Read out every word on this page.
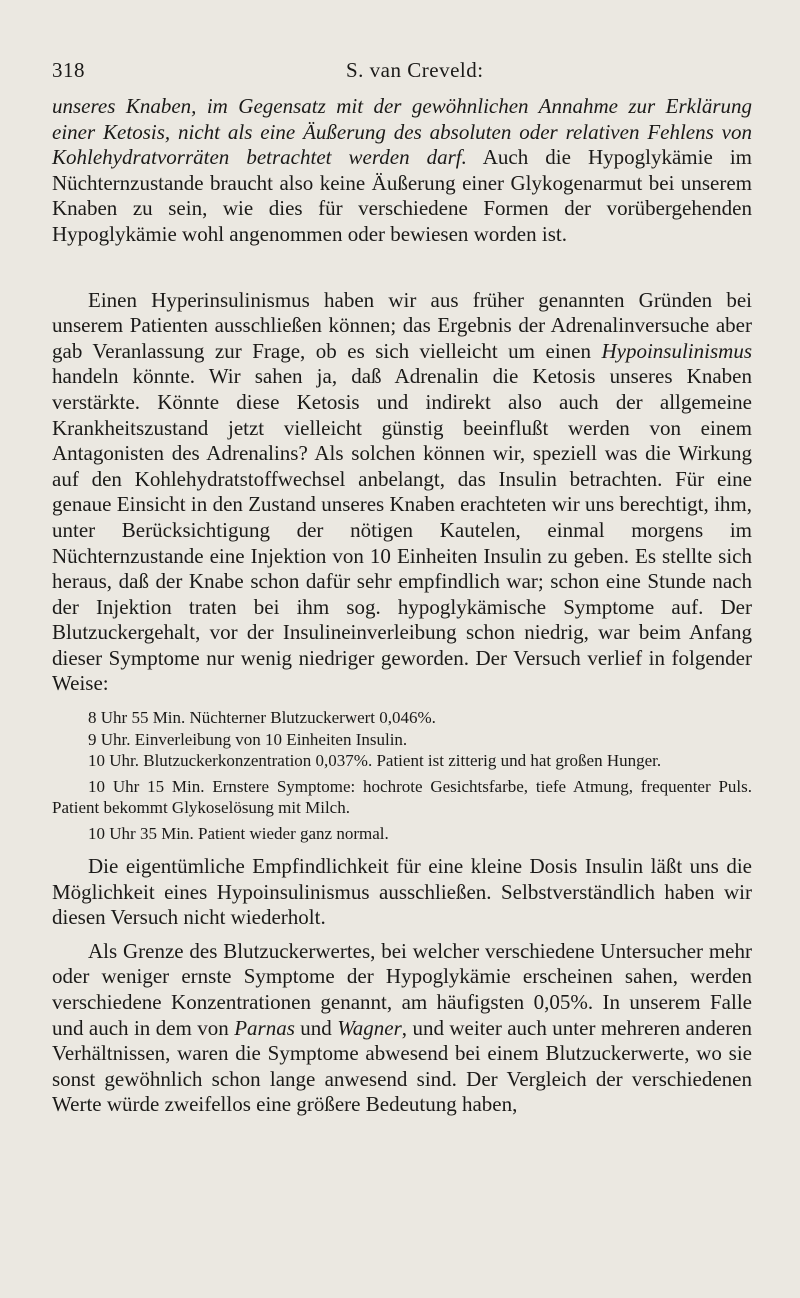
318	S. van Creveld:

unseres Knaben, im Gegensatz mit der gewöhnlichen Annahme zur Erklärung einer Ketosis, nicht als eine Äußerung des absoluten oder relativen Fehlens von Kohlehydratvorräten betrachtet werden darf. Auch die Hypoglykämie im Nüchternzustande braucht also keine Äußerung einer Glykogenarmut bei unserem Knaben zu sein, wie dies für verschiedene Formen der vorübergehenden Hypoglykämie wohl angenommen oder bewiesen worden ist.

Einen Hyperinsulinismus haben wir aus früher genannten Gründen bei unserem Patienten ausschließen können; das Ergebnis der Adrenalinversuche aber gab Veranlassung zur Frage, ob es sich vielleicht um einen Hypoinsulinismus handeln könnte. Wir sahen ja, daß Adrenalin die Ketosis unseres Knaben verstärkte. Könnte diese Ketosis und indirekt also auch der allgemeine Krankheitszustand jetzt vielleicht günstig beeinflußt werden von einem Antagonisten des Adrenalins? Als solchen können wir, speziell was die Wirkung auf den Kohlehydratstoffwechsel anbelangt, das Insulin betrachten. Für eine genaue Einsicht in den Zustand unseres Knaben erachteten wir uns berechtigt, ihm, unter Berücksichtigung der nötigen Kautelen, einmal morgens im Nüchternzustande eine Injektion von 10 Einheiten Insulin zu geben. Es stellte sich heraus, daß der Knabe schon dafür sehr empfindlich war; schon eine Stunde nach der Injektion traten bei ihm sog. hypoglykämische Symptome auf. Der Blutzuckergehalt, vor der Insulineinverleibung schon niedrig, war beim Anfang dieser Symptome nur wenig niedriger geworden. Der Versuch verlief in folgender Weise:

8 Uhr 55 Min. Nüchterner Blutzuckerwert 0,046%.

9 Uhr. Einverleibung von 10 Einheiten Insulin.

10 Uhr. Blutzuckerkonzentration 0,037%. Patient ist zitterig und hat großen Hunger.

10 Uhr 15 Min. Ernstere Symptome: hochrote Gesichtsfarbe, tiefe Atmung, frequenter Puls. Patient bekommt Glykoselösung mit Milch.

10 Uhr 35 Min. Patient wieder ganz normal.

Die eigentümliche Empfindlichkeit für eine kleine Dosis Insulin läßt uns die Möglichkeit eines Hypoinsulinismus ausschließen. Selbstverständlich haben wir diesen Versuch nicht wiederholt.

Als Grenze des Blutzuckerwertes, bei welcher verschiedene Untersucher mehr oder weniger ernste Symptome der Hypoglykämie erscheinen sahen, werden verschiedene Konzentrationen genannt, am häufigsten 0,05%. In unserem Falle und auch in dem von Parnas und Wagner, und weiter auch unter mehreren anderen Verhältnissen, waren die Symptome abwesend bei einem Blutzuckerwerte, wo sie sonst gewöhnlich schon lange anwesend sind. Der Vergleich der verschiedenen Werte würde zweifellos eine größere Bedeutung haben,
